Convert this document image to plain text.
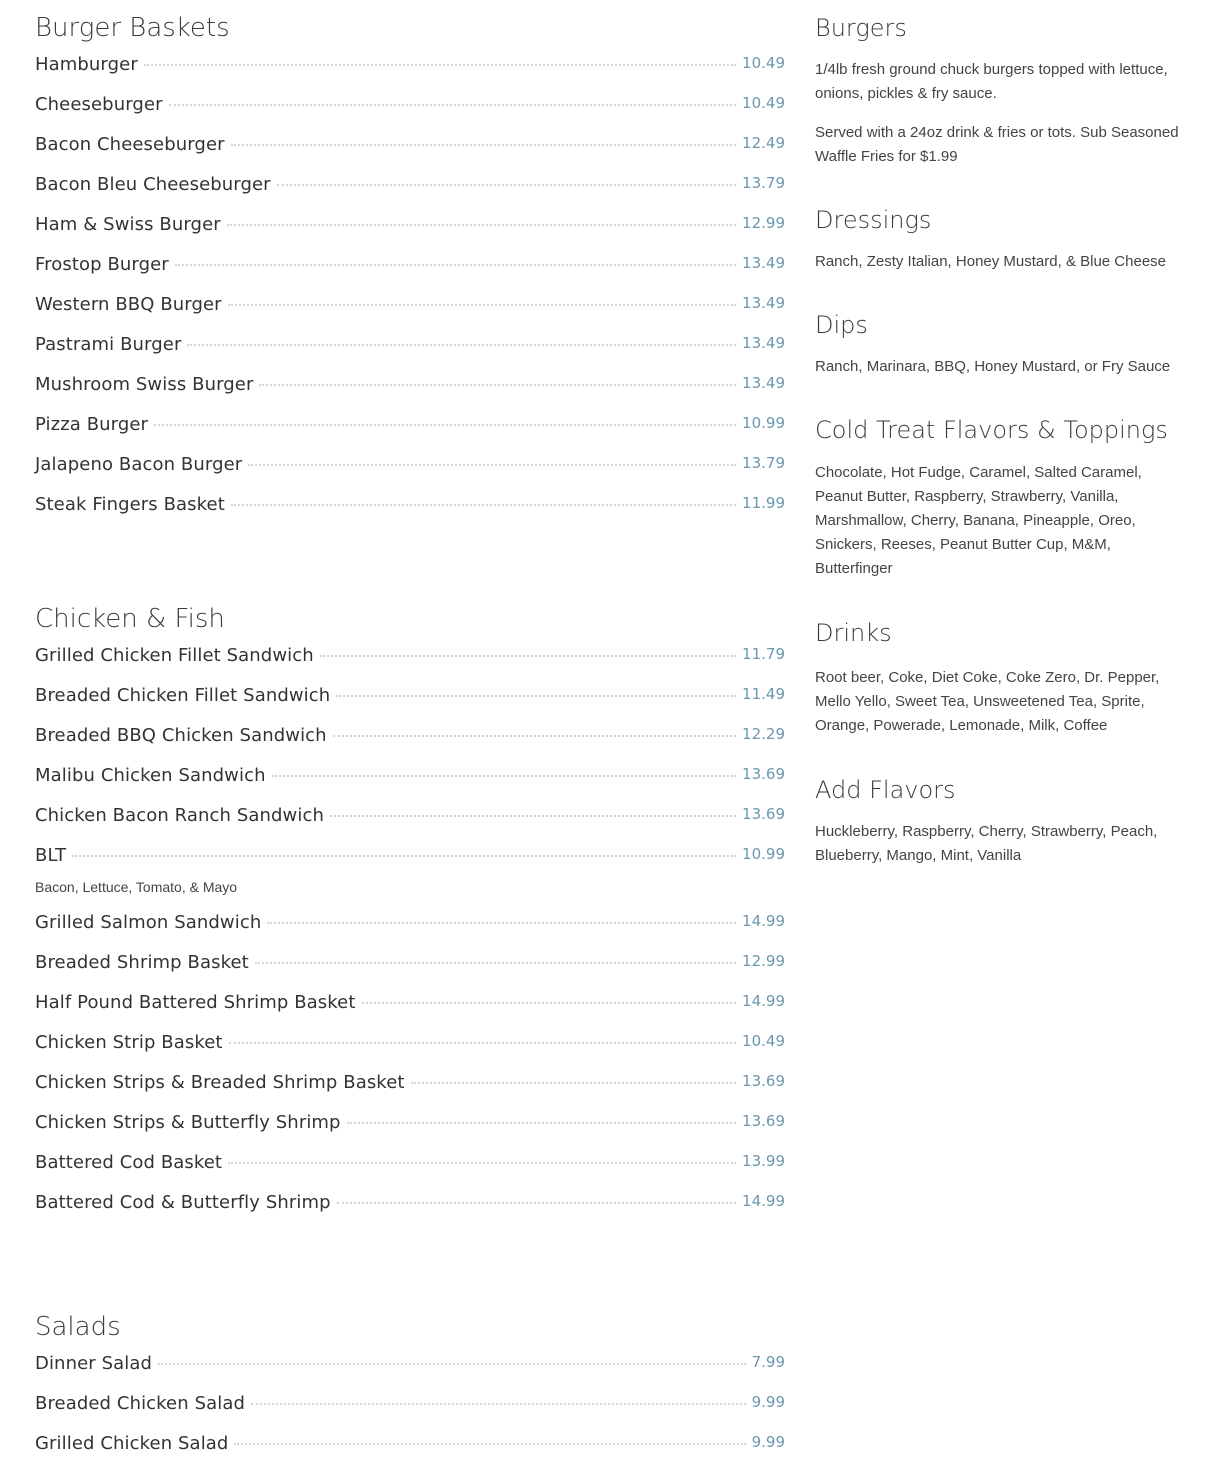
Burger Baskets
Hamburger	10.49
Cheeseburger	10.49
Bacon Cheeseburger	12.49
Bacon Bleu Cheeseburger	13.79
Ham & Swiss Burger	12.99
Frostop Burger	13.49
Western BBQ Burger	13.49
Pastrami Burger	13.49
Mushroom Swiss Burger	13.49
Pizza Burger	10.99
Jalapeno Bacon Burger	13.79
Steak Fingers Basket	11.99
Chicken & Fish
Grilled Chicken Fillet Sandwich	11.79
Breaded Chicken Fillet Sandwich	11.49
Breaded BBQ Chicken Sandwich	12.29
Malibu Chicken Sandwich	13.69
Chicken Bacon Ranch Sandwich	13.69
BLT	10.99
Bacon, Lettuce, Tomato, & Mayo
Grilled Salmon Sandwich	14.99
Breaded Shrimp Basket	12.99
Half Pound Battered Shrimp Basket	14.99
Chicken Strip Basket	10.49
Chicken Strips & Breaded Shrimp Basket	13.69
Chicken Strips & Butterfly Shrimp	13.69
Battered Cod Basket	13.99
Battered Cod & Butterfly Shrimp	14.99
Salads
Dinner Salad	7.99
Breaded Chicken Salad	9.99
Grilled Chicken Salad	9.99
Burgers

1/4lb fresh ground chuck burgers topped with lettuce, onions, pickles & fry sauce.

Served with a 24oz drink & fries or tots. Sub Seasoned Waffle Fries for $1.99

Dressings

Ranch, Zesty Italian, Honey Mustard, & Blue Cheese

Dips

Ranch, Marinara, BBQ, Honey Mustard, or Fry Sauce

Cold Treat Flavors & Toppings

Chocolate, Hot Fudge, Caramel, Salted Caramel, Peanut Butter, Raspberry, Strawberry, Vanilla, Marshmallow, Cherry, Banana, Pineapple, Oreo, Snickers, Reeses, Peanut Butter Cup, M&M, Butterfinger

Drinks

Root beer, Coke, Diet Coke, Coke Zero, Dr. Pepper, Mello Yello, Sweet Tea, Unsweetened Tea, Sprite, Orange, Powerade, Lemonade, Milk, Coffee

Add Flavors

Huckleberry, Raspberry, Cherry, Strawberry, Peach, Blueberry, Mango, Mint, Vanilla
